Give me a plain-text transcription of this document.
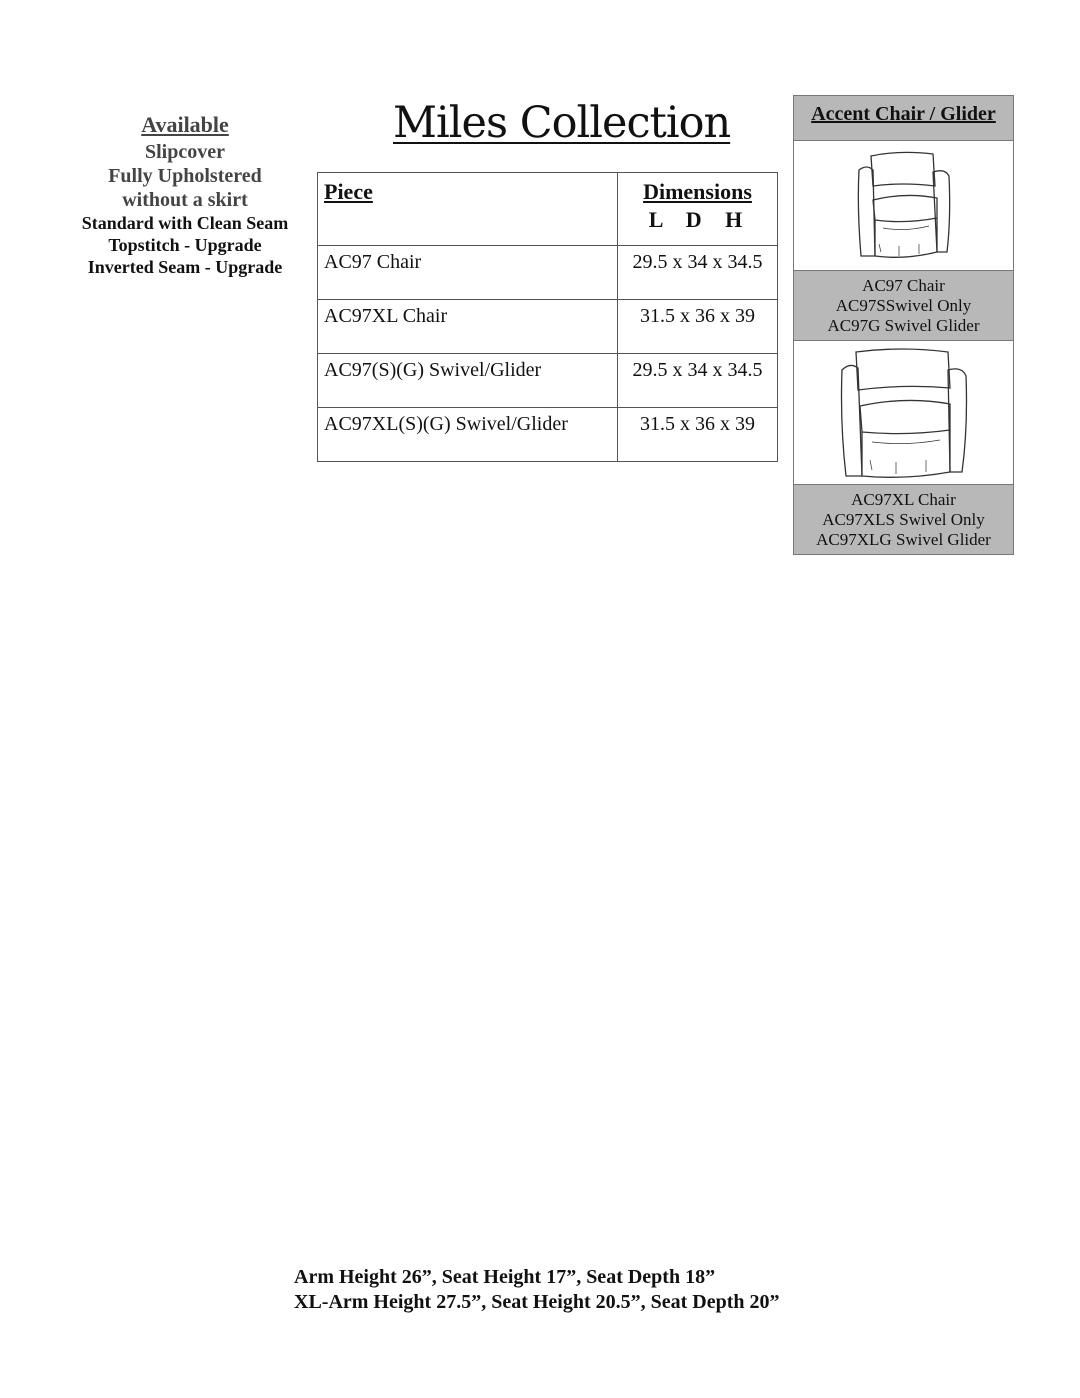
Available
Slipcover
Fully Upholstered
without a skirt
Standard with Clean Seam
Topstitch - Upgrade
Inverted Seam - Upgrade
Miles Collection
Piece	Dimensions
L D H

AC97 Chair	29.5 x 34 x 34.5
AC97XL Chair	31.5 x 36 x 39
AC97(S)(G) Swivel/Glider	29.5 x 34 x 34.5
AC97XL(S)(G) Swivel/Glider	31.5 x 36 x 39
Accent Chair / Glider
AC97 Chair
AC97SSwivel Only
AC97G Swivel Glider
AC97XL Chair
AC97XLS Swivel Only
AC97XLG Swivel Glider
Arm Height 26”, Seat Height 17”, Seat Depth 18”
XL-Arm Height 27.5”, Seat Height 20.5”, Seat Depth 20”
